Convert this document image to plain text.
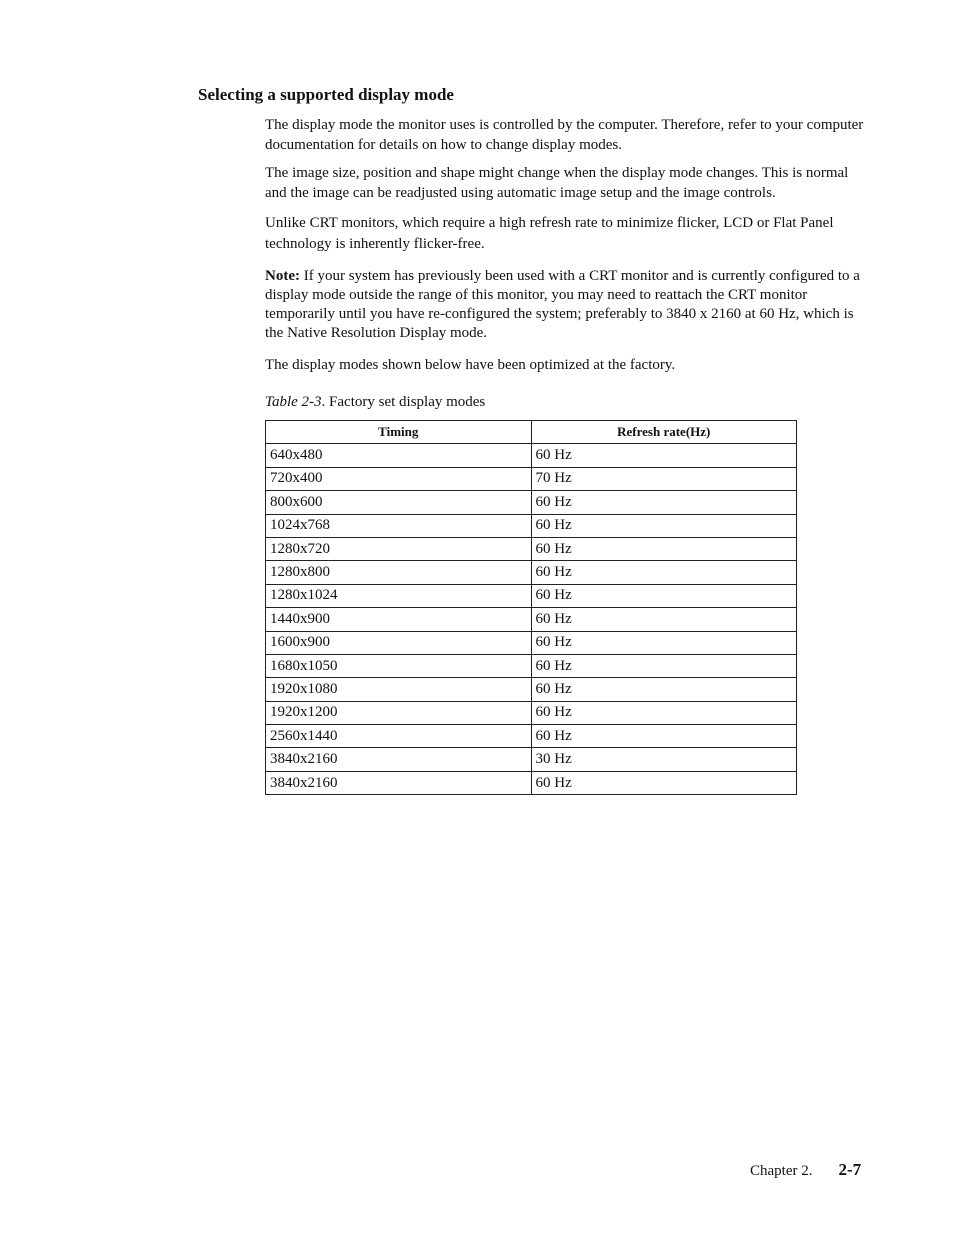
Selecting a supported display mode

The display mode the monitor uses is controlled by the computer. Therefore, refer to your computer documentation for details on how to change display modes.

The image size, position and shape might change when the display mode changes. This is normal and the image can be readjusted using automatic image setup and the image controls.

Unlike CRT monitors, which require a high refresh rate to minimize flicker, LCD or Flat Panel technology is inherently flicker-free.

Note: If your system has previously been used with a CRT monitor and is currently configured to a display mode outside the range of this monitor, you may need to reattach the CRT monitor temporarily until you have re-configured the system; preferably to 3840 x 2160 at 60 Hz, which is the Native Resolution Display mode.

The display modes shown below have been optimized at the factory.

Table 2-3. Factory set display modes

Timing	Refresh rate(Hz)
640x480	60 Hz
720x400	70 Hz
800x600	60 Hz
1024x768	60 Hz
1280x720	60 Hz
1280x800	60 Hz
1280x1024	60 Hz
1440x900	60 Hz
1600x900	60 Hz
1680x1050	60 Hz
1920x1080	60 Hz
1920x1200	60 Hz
2560x1440	60 Hz
3840x2160	30 Hz
3840x2160	60 Hz
Chapter 2. 2-7
